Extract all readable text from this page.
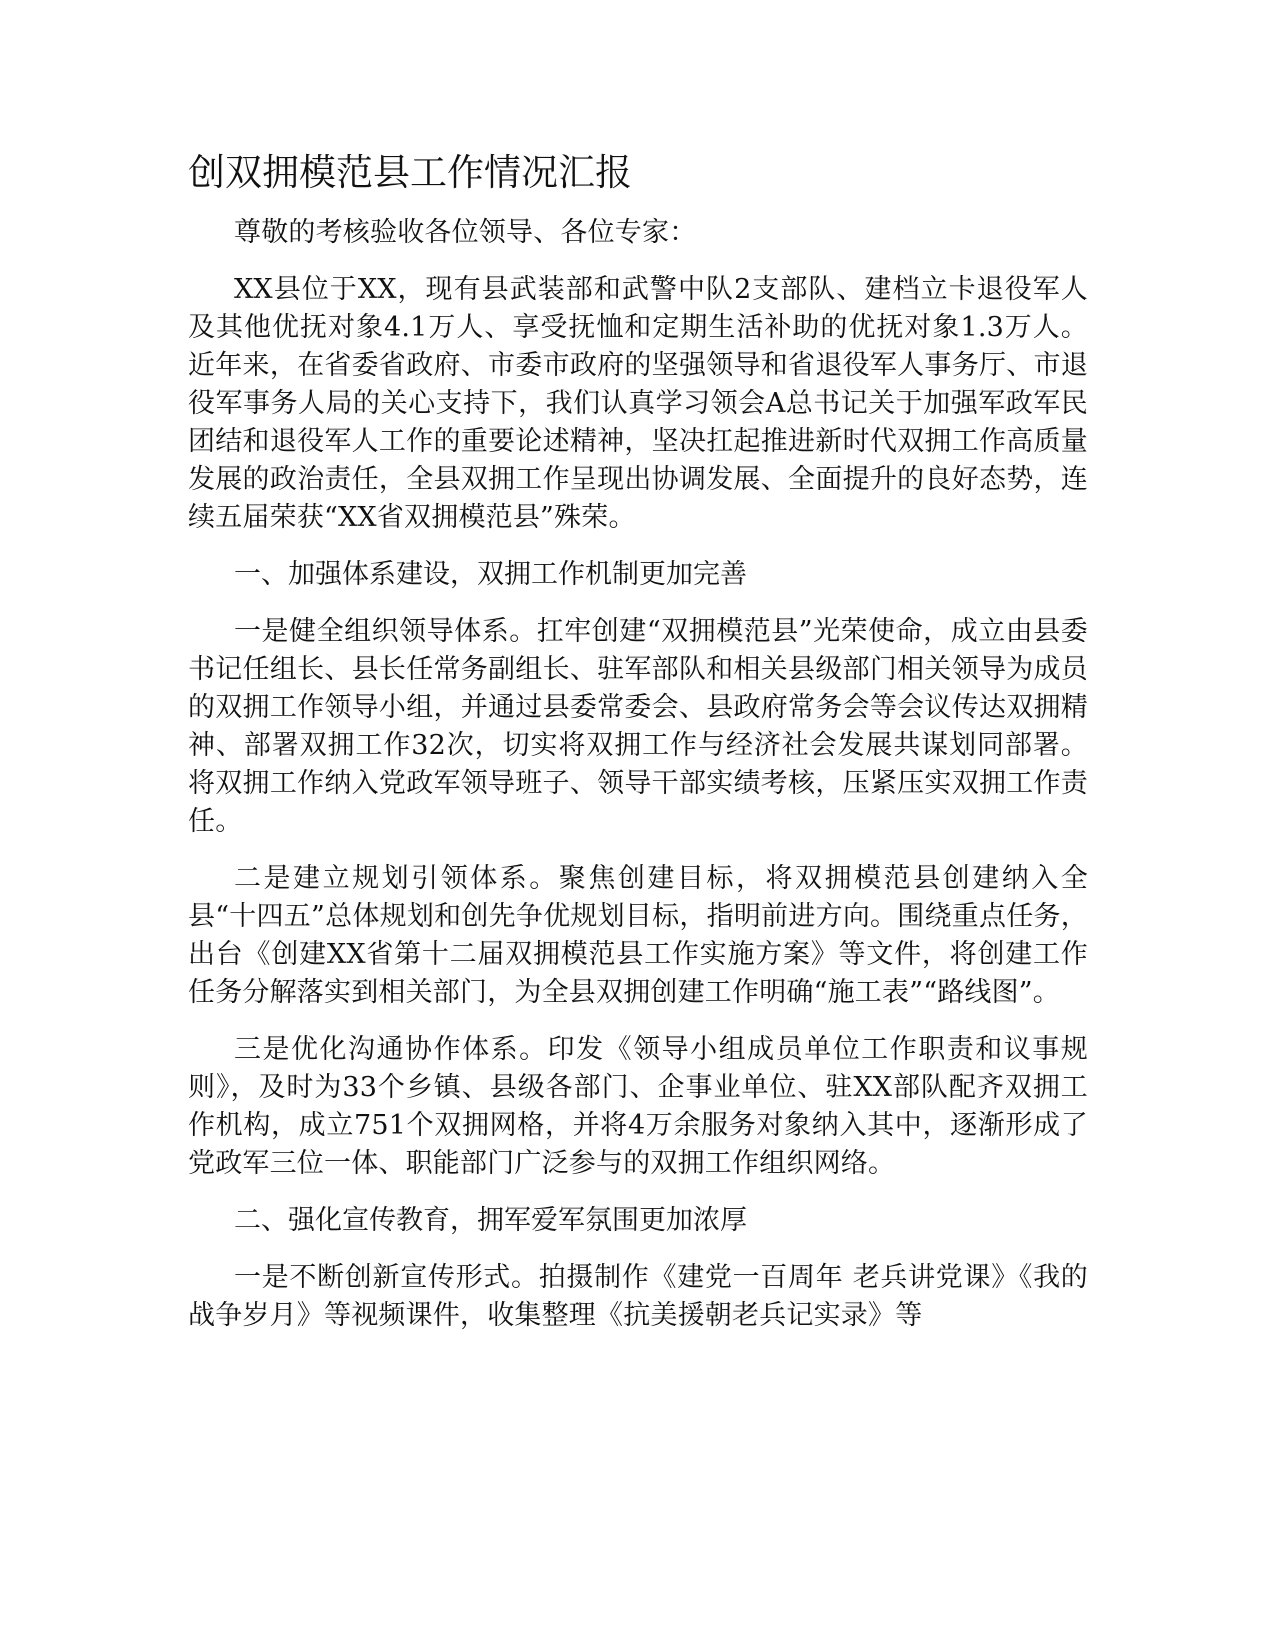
创双拥模范县工作情况汇报

尊敬的考核验收各位领导、各位专家：

XX县位于XX，现有县武装部和武警中队2支部队、建档立卡退役军人及其他优抚对象4.1万人、享受抚恤和定期生活补助的优抚对象1.3万人。近年来，在省委省政府、市委市政府的坚强领导和省退役军人事务厅、市退役军事务人局的关心支持下，我们认真学习领会A总书记关于加强军政军民团结和退役军人工作的重要论述精神，坚决扛起推进新时代双拥工作高质量发展的政治责任，全县双拥工作呈现出协调发展、全面提升的良好态势，连续五届荣获“XX省双拥模范县”殊荣。

一、加强体系建设，双拥工作机制更加完善

一是健全组织领导体系。扛牢创建“双拥模范县”光荣使命，成立由县委书记任组长、县长任常务副组长、驻军部队和相关县级部门相关领导为成员的双拥工作领导小组，并通过县委常委会、县政府常务会等会议传达双拥精神、部署双拥工作32次，切实将双拥工作与经济社会发展共谋划同部署。将双拥工作纳入党政军领导班子、领导干部实绩考核，压紧压实双拥工作责任。

二是建立规划引领体系。聚焦创建目标，将双拥模范县创建纳入全县“十四五”总体规划和创先争优规划目标，指明前进方向。围绕重点任务，出台《创建XX省第十二届双拥模范县工作实施方案》等文件，将创建工作任务分解落实到相关部门，为全县双拥创建工作明确“施工表”“路线图”。

三是优化沟通协作体系。印发《领导小组成员单位工作职责和议事规则》，及时为33个乡镇、县级各部门、企事业单位、驻XX部队配齐双拥工作机构，成立751个双拥网格，并将4万余服务对象纳入其中，逐渐形成了党政军三位一体、职能部门广泛参与的双拥工作组织网络。

二、强化宣传教育，拥军爱军氛围更加浓厚

一是不断创新宣传形式。拍摄制作《建党一百周年 老兵讲党课》《我的战争岁月》等视频课件，收集整理《抗美援朝老兵记实录》等
